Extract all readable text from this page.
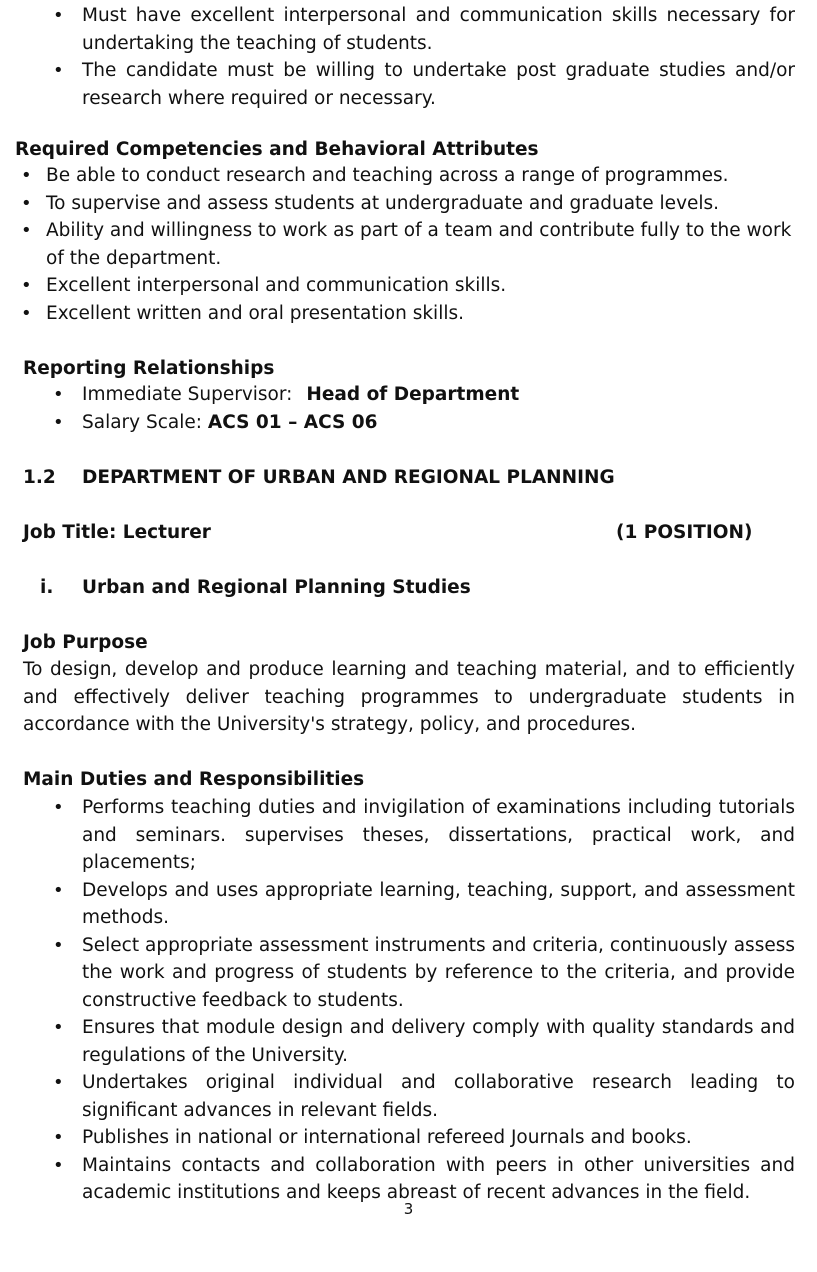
• Must have excellent interpersonal and communication skills necessary for undertaking the teaching of students.
• The candidate must be willing to undertake post graduate studies and/or research where required or necessary.
Required Competencies and Behavioral Attributes
• Be able to conduct research and teaching across a range of programmes.
• To supervise and assess students at undergraduate and graduate levels.
• Ability and willingness to work as part of a team and contribute fully to the work of the department.
• Excellent interpersonal and communication skills.
• Excellent written and oral presentation skills.
Reporting Relationships
• Immediate Supervisor: Head of Department
• Salary Scale: ACS 01 – ACS 06
1.2 DEPARTMENT OF URBAN AND REGIONAL PLANNING
Job Title: Lecturer	(1 POSITION)
i. Urban and Regional Planning Studies
Job Purpose
To design, develop and produce learning and teaching material, and to efficiently and effectively deliver teaching programmes to undergraduate students in accordance with the University's strategy, policy, and procedures.
Main Duties and Responsibilities
• Performs teaching duties and invigilation of examinations including tutorials and seminars. supervises theses, dissertations, practical work, and placements;
• Develops and uses appropriate learning, teaching, support, and assessment methods.
• Select appropriate assessment instruments and criteria, continuously assess the work and progress of students by reference to the criteria, and provide constructive feedback to students.
• Ensures that module design and delivery comply with quality standards and regulations of the University.
• Undertakes original individual and collaborative research leading to significant advances in relevant fields.
• Publishes in national or international refereed Journals and books.
• Maintains contacts and collaboration with peers in other universities and academic institutions and keeps abreast of recent advances in the field.
3
